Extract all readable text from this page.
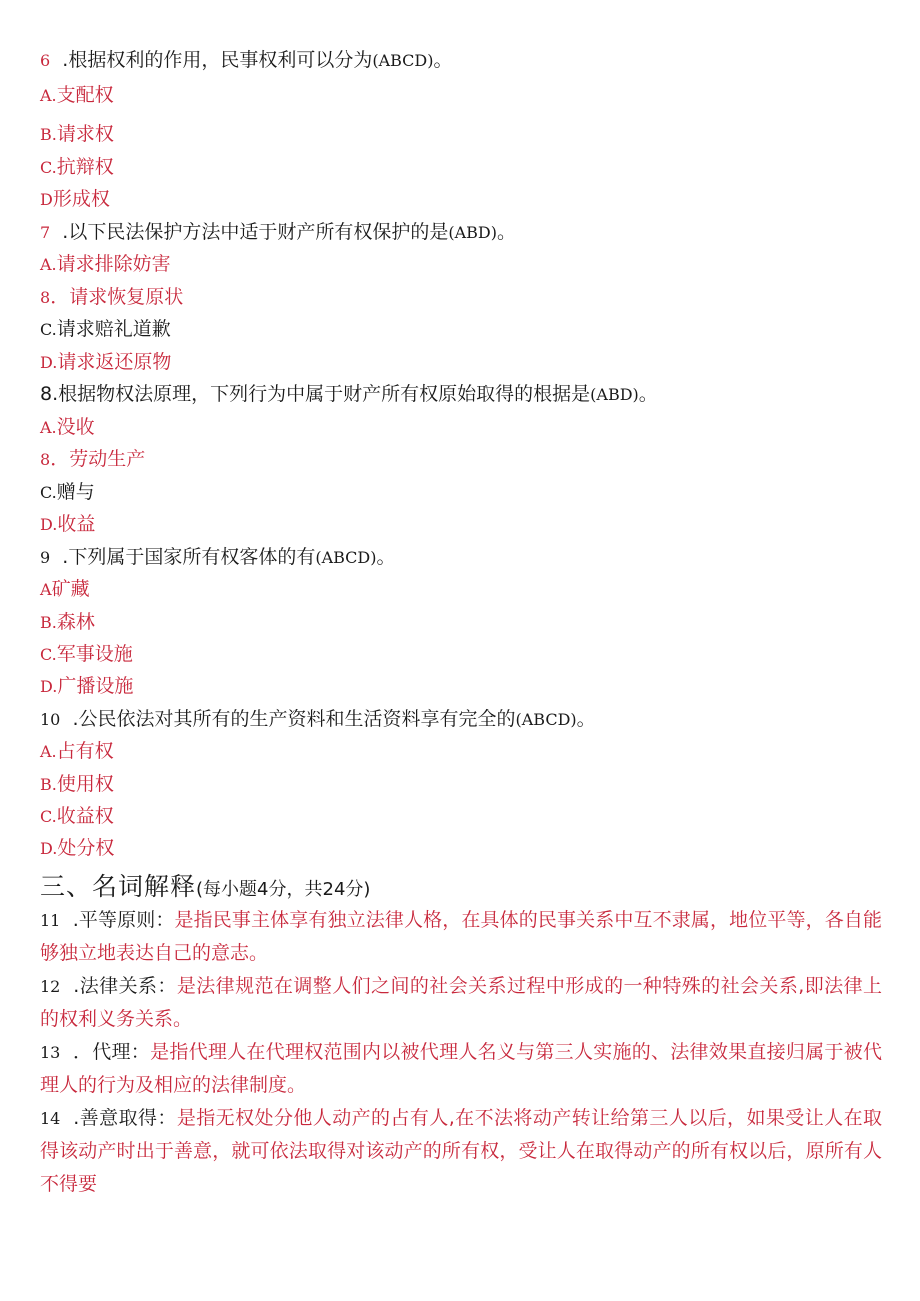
6 .根据权利的作用，民事权利可以分为(ABCD)。
A.支配权
B.请求权
C.抗辩权
D形成权
7 .以下民法保护方法中适于财产所有权保护的是(ABD)。
A.请求排除妨害
8．请求恢复原状
C.请求赔礼道歉
D.请求返还原物
8.根据物权法原理，下列行为中属于财产所有权原始取得的根据是(ABD)。
A.没收
8．劳动生产
C.赠与
D.收益
9 .下列属于国家所有权客体的有(ABCD)。
A矿藏
B.森林
C.军事设施
D.广播设施
10 .公民依法对其所有的生产资料和生活资料享有完全的(ABCD)。
A.占有权
B.使用权
C.收益权
D.处分权
三、名词解释(每小题4分，共24分)
11 .平等原则：是指民事主体享有独立法律人格，在具体的民事关系中互不隶属，地位平等，各自能够独立地表达自己的意志。
12 .法律关系：是法律规范在调整人们之间的社会关系过程中形成的一种特殊的社会关系,即法律上的权利义务关系。
13 ．代理：是指代理人在代理权范围内以被代理人名义与第三人实施的、法律效果直接归属于被代理人的行为及相应的法律制度。
14 .善意取得：是指无权处分他人动产的占有人,在不法将动产转让给第三人以后，如果受让人在取得该动产时出于善意，就可依法取得对该动产的所有权，受让人在取得动产的所有权以后，原所有人不得要
